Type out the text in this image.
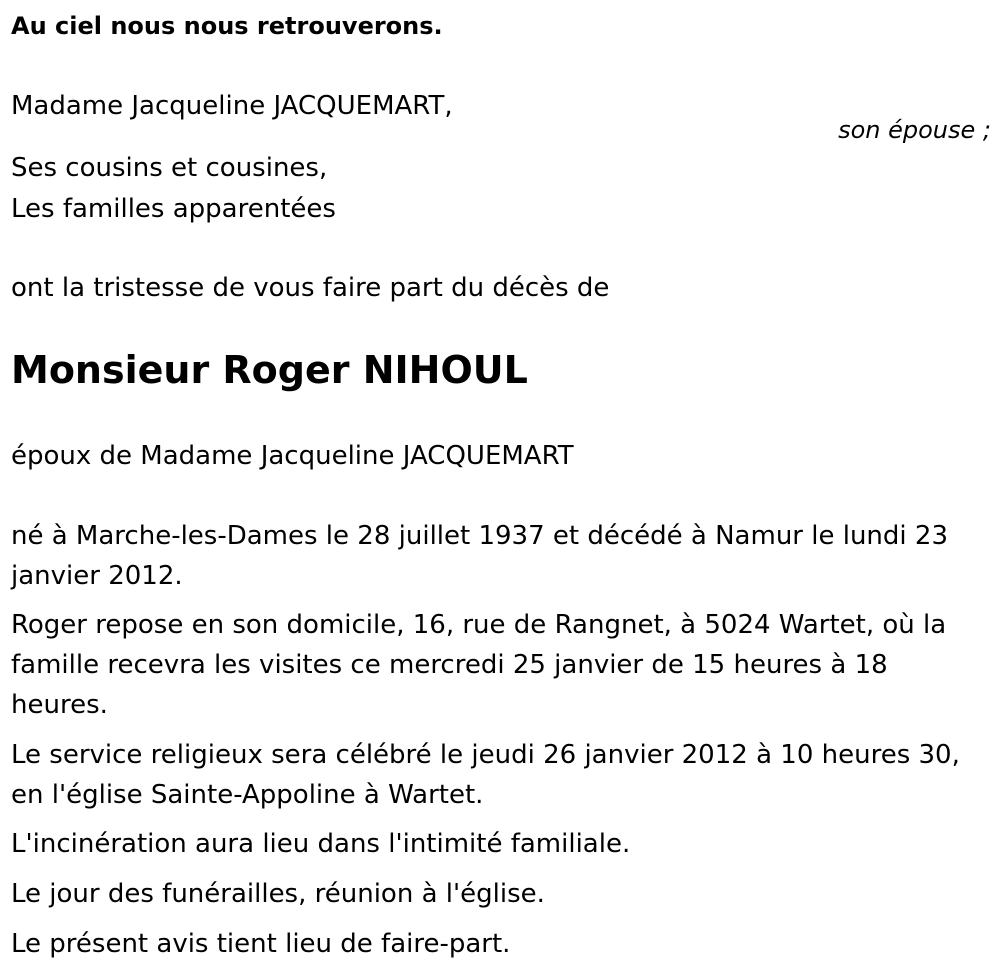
Au ciel nous nous retrouverons.
Madame Jacqueline JACQUEMART,
son épouse ;
Ses cousins et cousines,
Les familles apparentées
ont la tristesse de vous faire part du décès de
Monsieur Roger NIHOUL
époux de Madame Jacqueline JACQUEMART
né à Marche-les-Dames le 28 juillet 1937 et décédé à Namur le lundi 23 janvier 2012.
Roger repose en son domicile, 16, rue de Rangnet, à 5024 Wartet, où la famille recevra les visites ce mercredi 25 janvier de 15 heures à 18 heures.
Le service religieux sera célébré le jeudi 26 janvier 2012 à 10 heures 30, en l'église Sainte-Appoline à Wartet.
L'incinération aura lieu dans l'intimité familiale.
Le jour des funérailles, réunion à l'église.
Le présent avis tient lieu de faire-part.
